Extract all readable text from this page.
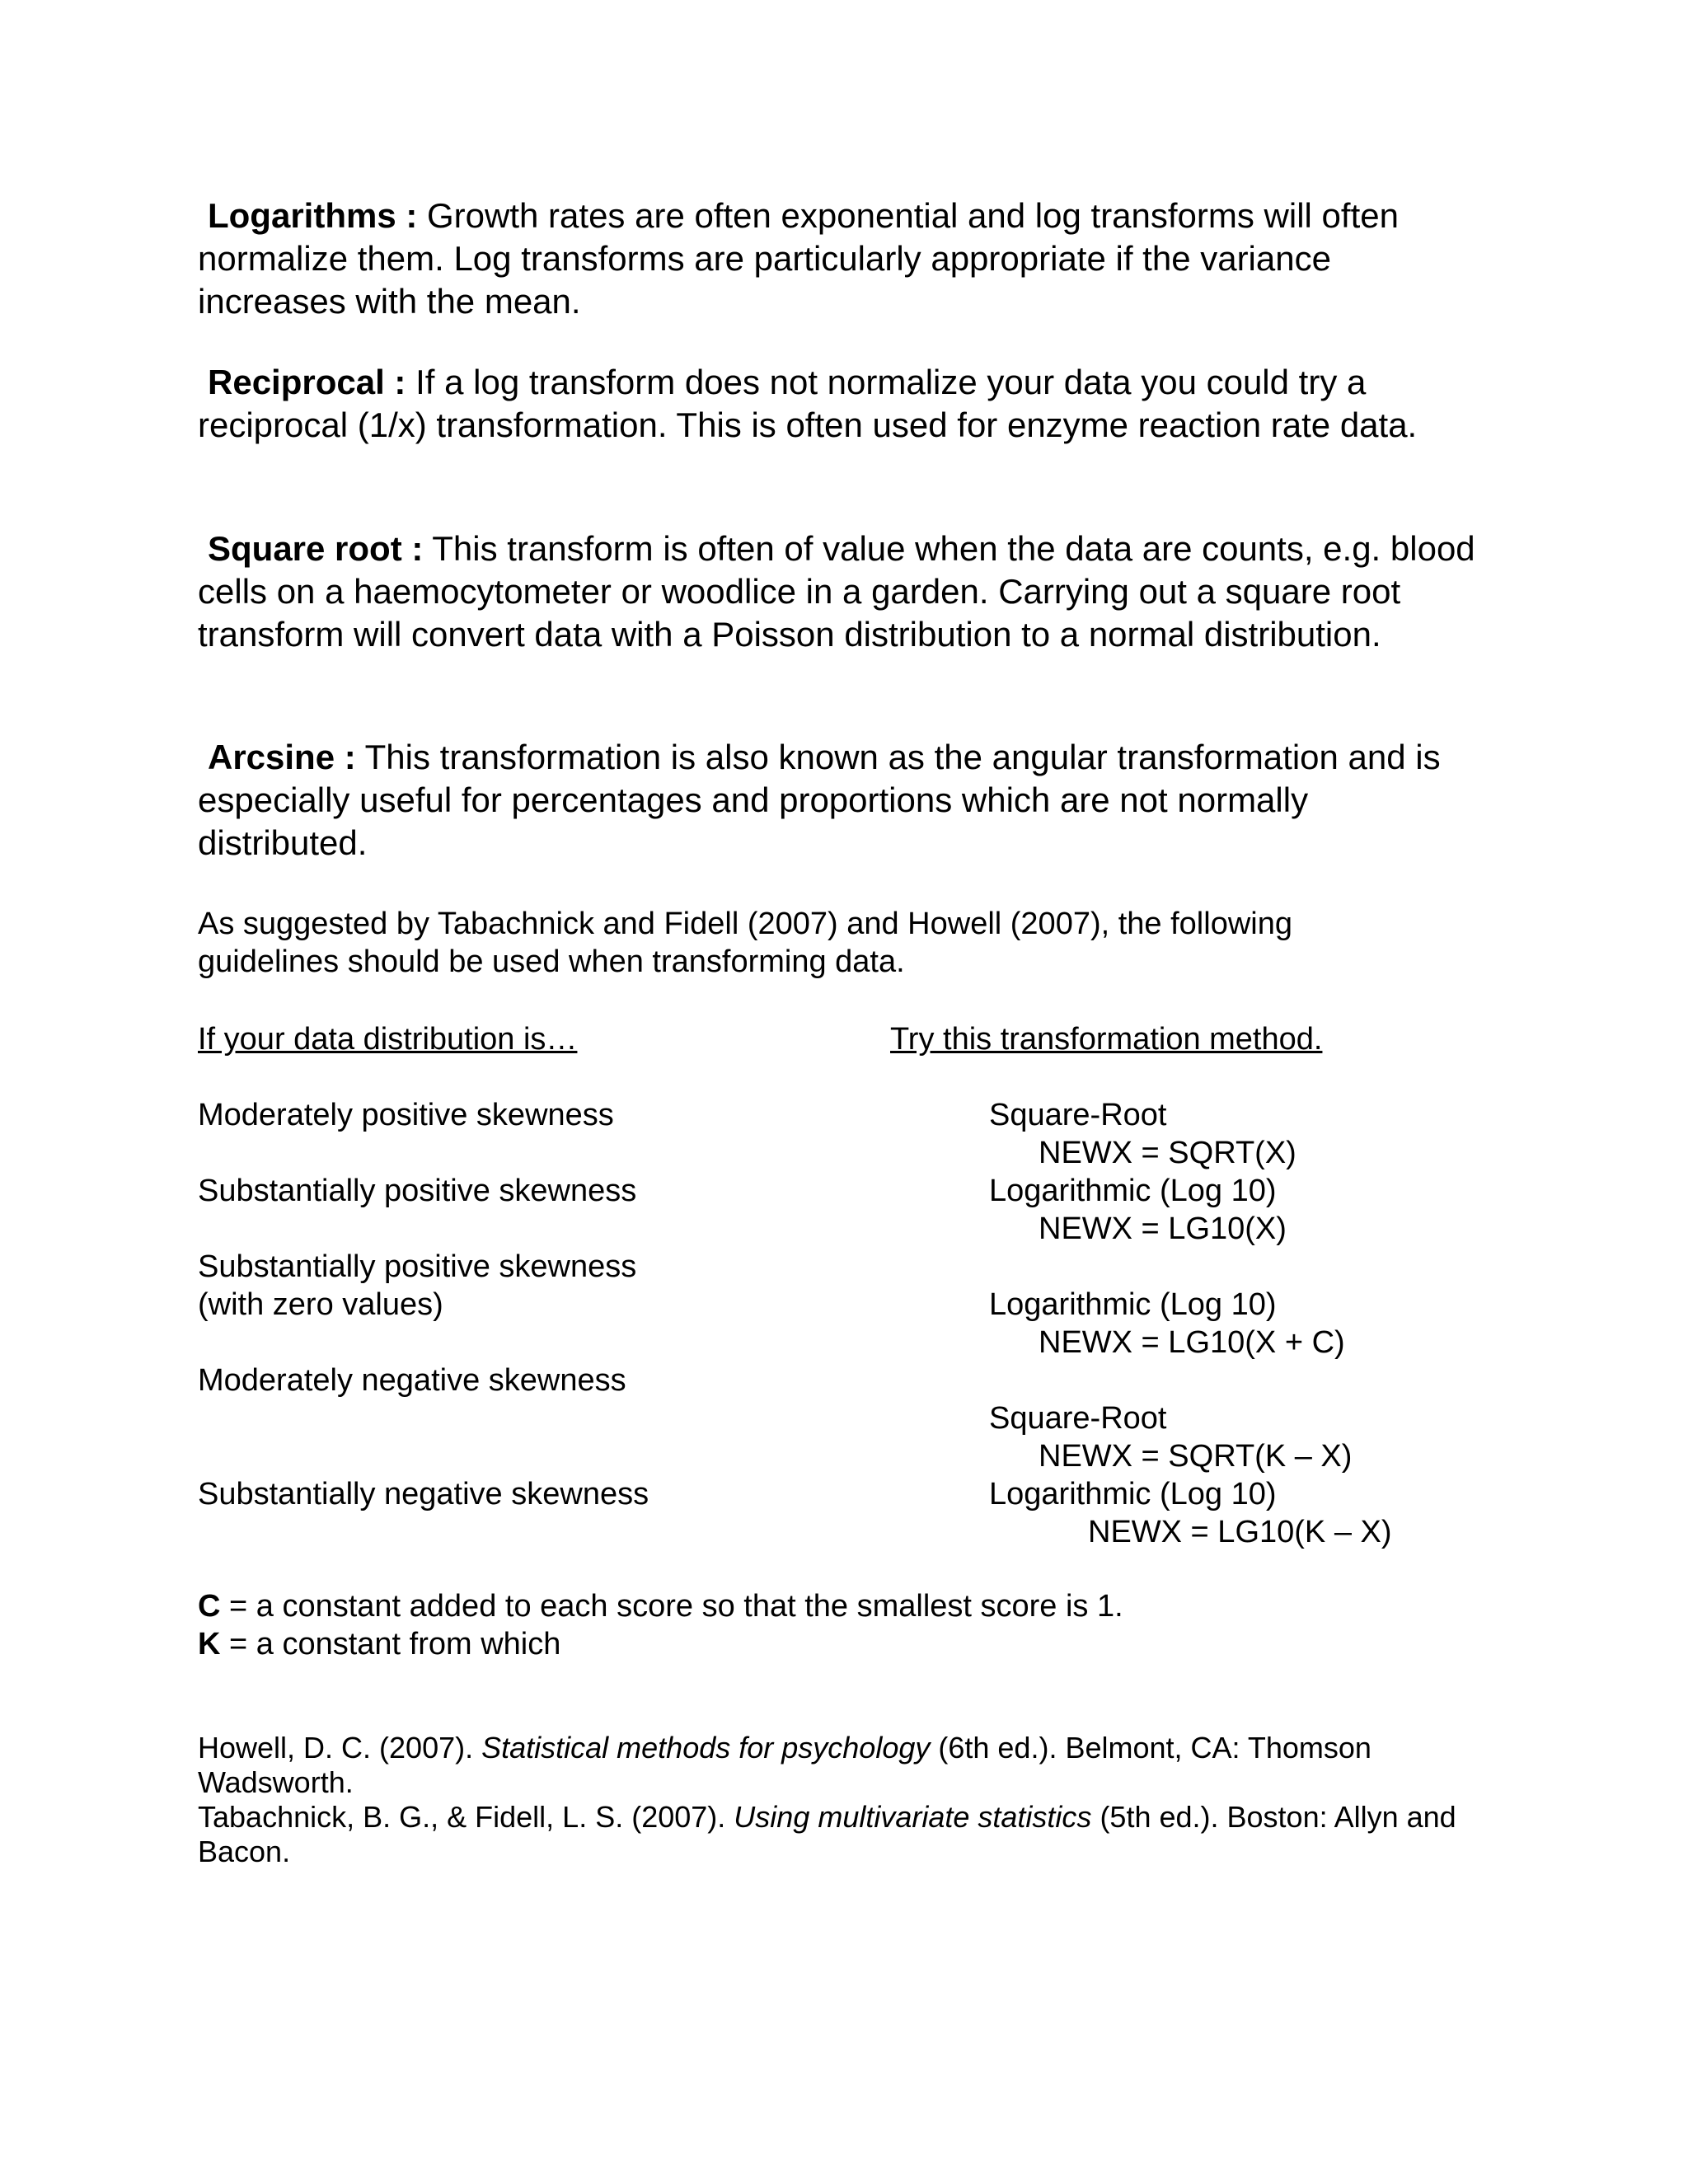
Logarithms : Growth rates are often exponential and log transforms will often normalize them. Log transforms are particularly appropriate if the variance increases with the mean.

Reciprocal : If a log transform does not normalize your data you could try a reciprocal (1/x) transformation. This is often used for enzyme reaction rate data.

Square root : This transform is often of value when the data are counts, e.g. blood cells on a haemocytometer or woodlice in a garden. Carrying out a square root transform will convert data with a Poisson distribution to a normal distribution.

Arcsine : This transformation is also known as the angular transformation and is especially useful for percentages and proportions which are not normally distributed.

As suggested by Tabachnick and Fidell (2007) and Howell (2007), the following guidelines should be used when transforming data.

If your data distribution is…	Try this transformation method.

Moderately positive skewness

Substantially positive skewness

Substantially positive skewness

(with zero values)

Moderately negative skewness

Substantially negative skewness

Square-Root

NEWX = SQRT(X)

Logarithmic (Log 10)

NEWX = LG10(X)

Logarithmic (Log 10)

NEWX = LG10(X + C)

Square-Root

NEWX = SQRT(K – X)

Logarithmic (Log 10)

NEWX = LG10(K – X)

C = a constant added to each score so that the smallest score is 1.

K = a constant from which

Howell, D. C. (2007). Statistical methods for psychology (6th ed.). Belmont, CA: Thomson Wadsworth.

Tabachnick, B. G., & Fidell, L. S. (2007). Using multivariate statistics (5th ed.). Boston: Allyn and Bacon.
